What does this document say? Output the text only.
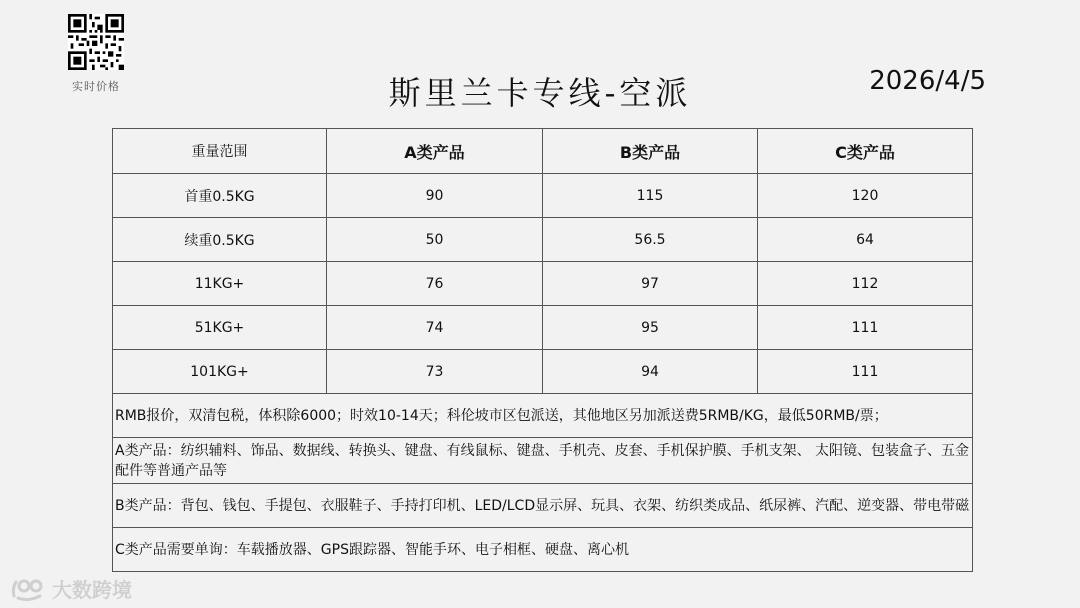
实时价格	斯里兰卡专线-空派	2026/4/5
重量范围	A类产品	B类产品	C类产品
首重0.5KG	90	115	120
续重0.5KG	50	56.5	64
11KG+	76	97	112
51KG+	74	95	111
101KG+	73	94	111
RMB报价，双清包税，体积除6000；时效10-14天；科伦坡市区包派送，其他地区另加派送费5RMB/KG，最低50RMB/票；			
A类产品：纺织辅料、饰品、数据线、转换头、键盘、有线鼠标、键盘、手机壳、皮套、手机保护膜、手机支架、 太阳镜、包装盒子、五金配件等普通产品等			
B类产品：背包、钱包、手提包、衣服鞋子、手持打印机、LED/LCD显示屏、玩具、衣架、纺织类成品、纸尿裤、汽配、逆变器、带电带磁			
C类产品需要单询：车载播放器、GPS跟踪器、智能手环、电子相框、硬盘、离心机			
大数跨境
